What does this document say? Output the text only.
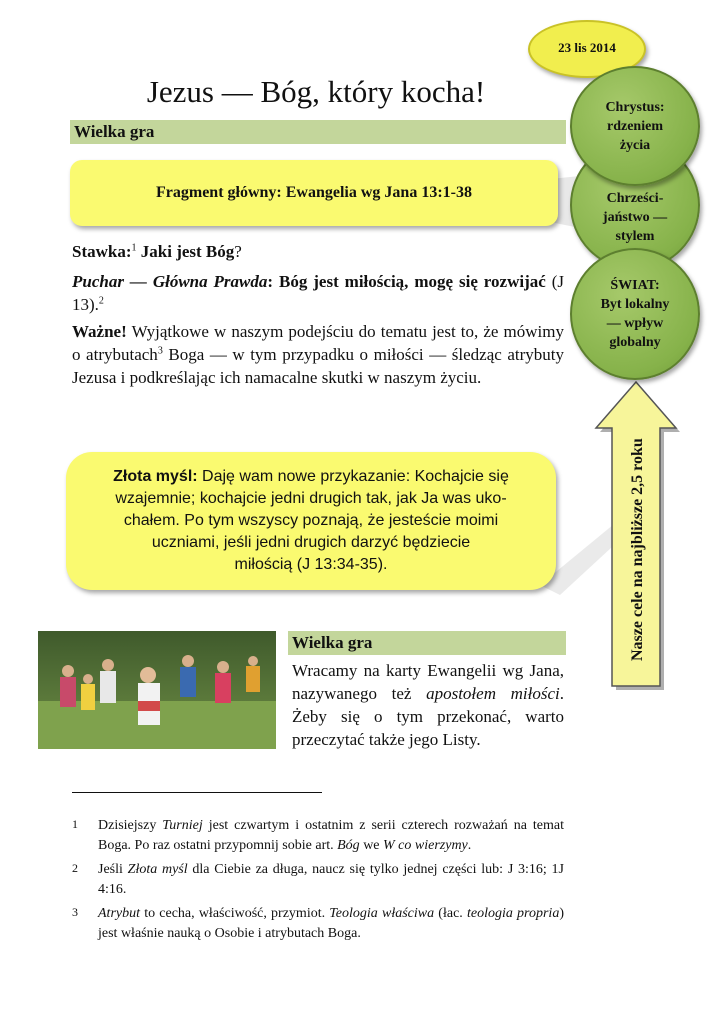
23 lis 2014
Chrystus:
rdzeniem
życia

Chrześci-
jaństwo —
stylem
ŚWIAT:
Byt lokalny
— wpływ
globalny
Nasze cele na najbliższe 2,5 roku
Jezus — Bóg, który kocha!
Wielka gra
Fragment główny: Ewangelia wg Jana 13:1-38
Stawka:$^1$ Jaki jest Bóg?
Puchar — Główna Prawda: Bóg jest miłością, mogę się rozwijać (J 13).$^2$
Ważne! Wyjątkowe w naszym podejściu do tematu jest to, że mówimy o atrybutach$^3$ Boga — w tym przypadku o miłości — śledząc atrybuty Jezusa i podkreślając ich namacalne skutki w naszym życiu.
Złota myśl: Daję wam nowe przykazanie: Kochajcie się
wzajemnie; kochajcie jedni drugich tak, jak Ja was uko-
chałem. Po tym wszyscy poznają, że jesteście moimi
uczniami, jeśli jedni drugich darzyć będziecie
miłością (J 13:34-35).
Wielka gra
Wracamy na karty Ewangelii wg Jana, nazywanego też apostołem miłości. Żeby się o tym przekonać, warto przeczytać także jego Listy.
1 Dzisiejszy Turniej jest czwartym i ostatnim z serii czterech rozważań na temat Boga. Po raz ostatni przypomnij sobie art. Bóg we W co wierzymy.
2 Jeśli Złota myśl dla Ciebie za długa, naucz się tylko jednej części lub: J 3:16; 1J 4:16.
3 Atrybut to cecha, właściwość, przymiot. Teologia właściwa (łac. teologia propria) jest właśnie nauką o Osobie i atrybutach Boga.
